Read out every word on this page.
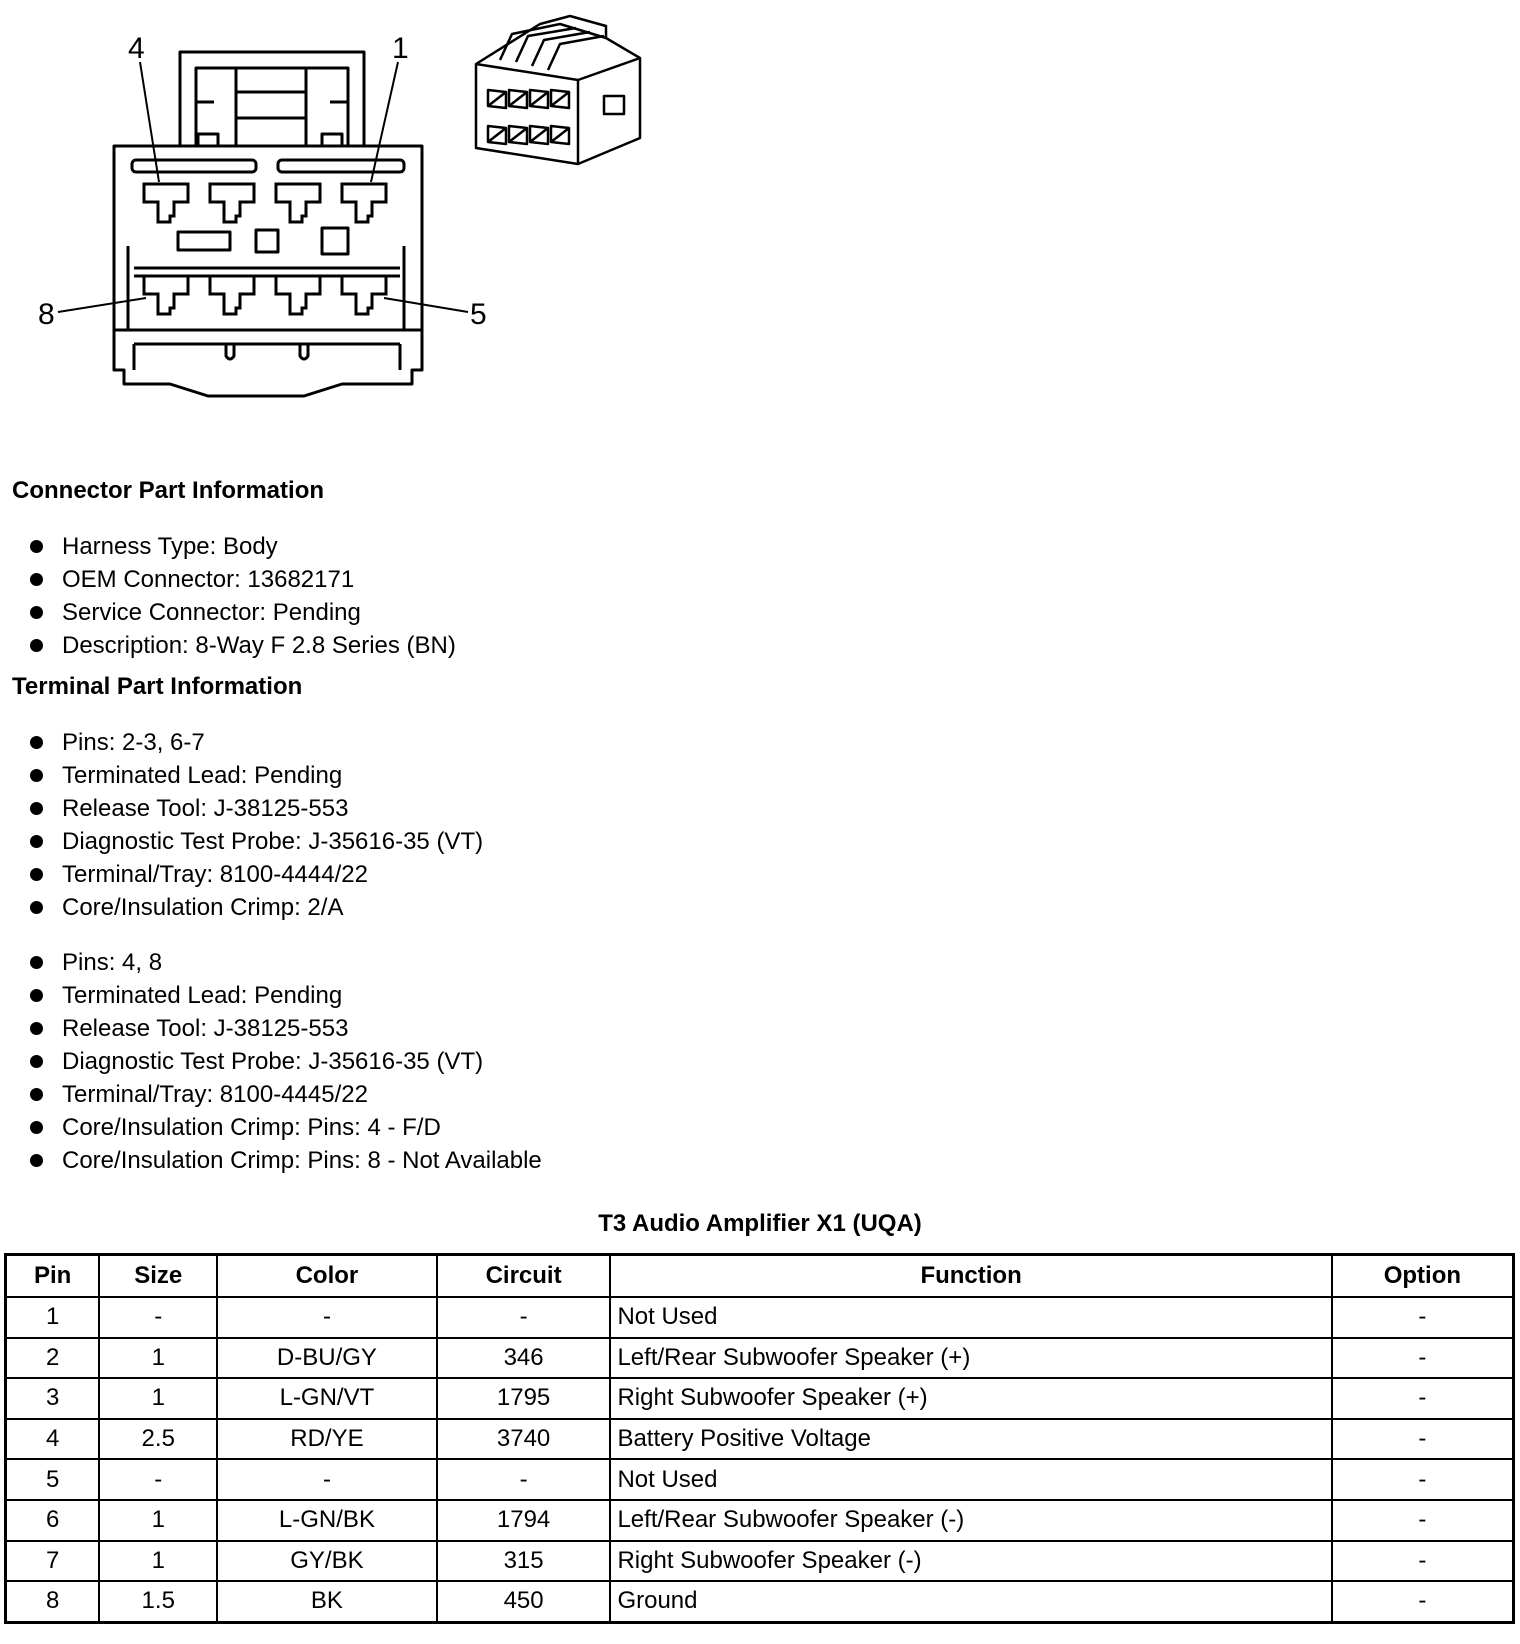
4	1
8	5
Connector Part Information
Harness Type: Body
OEM Connector: 13682171
Service Connector: Pending
Description: 8-Way F 2.8 Series (BN)
Terminal Part Information
Pins: 2-3, 6-7
Terminated Lead: Pending
Release Tool: J-38125-553
Diagnostic Test Probe: J-35616-35 (VT)
Terminal/Tray: 8100-4444/22
Core/Insulation Crimp: 2/A
Pins: 4, 8
Terminated Lead: Pending
Release Tool: J-38125-553
Diagnostic Test Probe: J-35616-35 (VT)
Terminal/Tray: 8100-4445/22
Core/Insulation Crimp: Pins: 4 - F/D
Core/Insulation Crimp: Pins: 8 - Not Available
T3 Audio Amplifier X1 (UQA)
Pin	Size	Color	Circuit	Function	Option
1	-	-	-	Not Used	-
2	1	D-BU/GY	346	Left/Rear Subwoofer Speaker (+)	-
3	1	L-GN/VT	1795	Right Subwoofer Speaker (+)	-
4	2.5	RD/YE	3740	Battery Positive Voltage	-
5	-	-	-	Not Used	-
6	1	L-GN/BK	1794	Left/Rear Subwoofer Speaker (-)	-
7	1	GY/BK	315	Right Subwoofer Speaker (-)	-
8	1.5	BK	450	Ground	-
